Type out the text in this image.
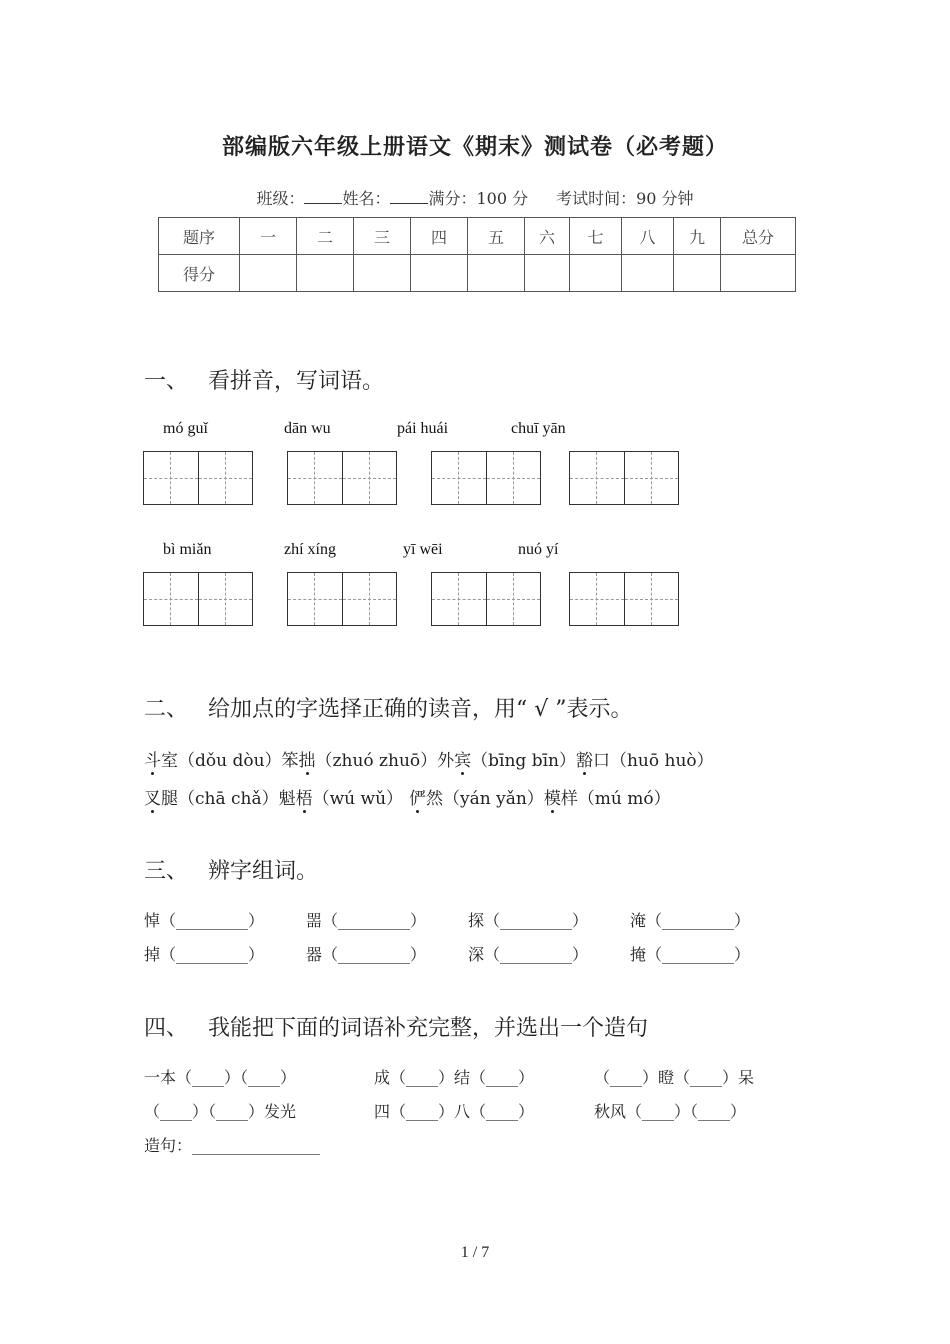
部编版六年级上册语文《期末》测试卷（必考题）
班级： 姓名： 满分：100 分 考试时间：90 分钟
题序	一	二	三	四	五	六	七	八	九	总分
得分										
一、 看拼音，写词语。
mó guǐ	dān wu	pái huái	chuī yān
bì miǎn	zhí xíng	yī wēi	nuó yí
二、 给加点的字选择正确的读音，用“ √ ”表示。
斗室（dǒu dòu）笨拙（zhuó zhuō）外宾（bīng bīn）豁口（huō huò）
叉腿（chā chǎ）魁梧（wú wǔ） 俨然（yán yǎn）模样（mú mó）
三、 辨字组词。
悼（_________）	噐（_________）	探（_________）	淹（_________）
掉（_________）	器（_________）	深（_________）	掩（_________）
四、 我能把下面的词语补充完整，并选出一个造句
一本（____）（____）	成（____）结（____）	（____）瞪（____）呆
（____）（____）发光	四（____）八（____）	秋风（____）（____）
造句：________________
1 / 7
